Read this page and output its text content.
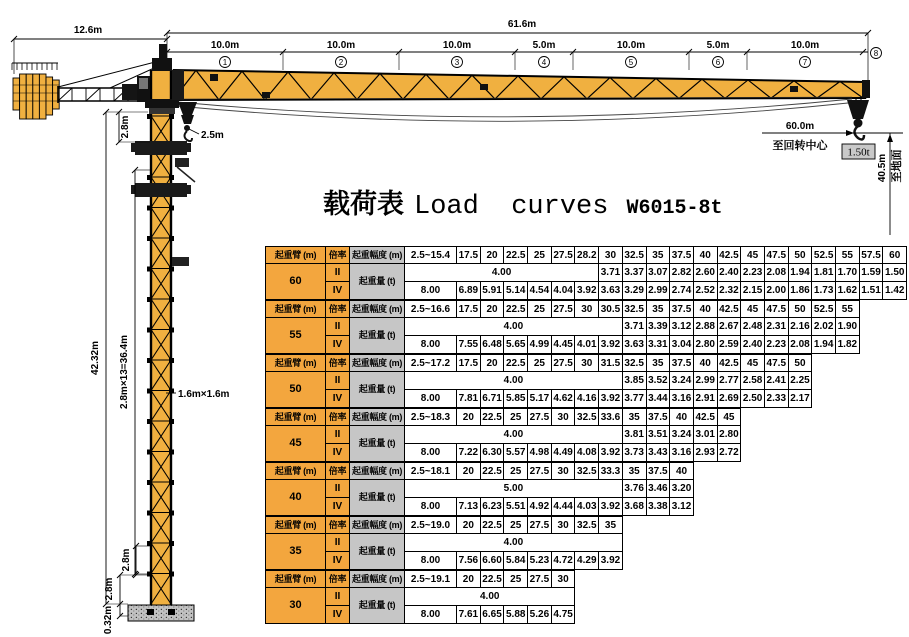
61.6m
12.6m
10.0m
1
10.0m
2
10.0m
3
5.0m
4
10.0m
5
5.0m
6
10.0m
7
8
2.5m
60.0m
至回转中心
1.50t
40.5m 至地面
42.32m 2.8m×13=36.4m
2.8m
2.8m
2.8m
0.32m
1.6m×1.6m
载荷表 Load  curves W6015-8t
起重臂 (m)	倍率	起重幅度 (m)	2.5~15.4	17.5	20	22.5	25	27.5	28.2	30	32.5	35	37.5	40	42.5	45	47.5	50	52.5	55	57.5	60
60	II	起重量 (t)	4.00							3.71	3.37	3.07	2.82	2.60	2.40	2.23	2.08	1.94	1.81	1.70	1.59	1.50
	IV		8.00	6.89	5.91	5.14	4.54	4.04	3.92	3.63	3.29	2.99	2.74	2.52	2.32	2.15	2.00	1.86	1.73	1.62	1.51	1.42
起重臂 (m)	倍率	起重幅度 (m)	2.5~16.6	17.5	20	22.5	25	27.5	30	30.5	32.5	35	37.5	40	42.5	45	47.5	50	52.5	55
55	II	起重量 (t)	4.00								3.71	3.39	3.12	2.88	2.67	2.48	2.31	2.16	2.02	1.90
	IV		8.00	7.55	6.48	5.65	4.99	4.45	4.01	3.92	3.63	3.31	3.04	2.80	2.59	2.40	2.23	2.08	1.94	1.82
起重臂 (m)	倍率	起重幅度 (m)	2.5~17.2	17.5	20	22.5	25	27.5	30	31.5	32.5	35	37.5	40	42.5	45	47.5	50
50	II	起重量 (t)	4.00								3.85	3.52	3.24	2.99	2.77	2.58	2.41	2.25
	IV		8.00	7.81	6.71	5.85	5.17	4.62	4.16	3.92	3.77	3.44	3.16	2.91	2.69	2.50	2.33	2.17
起重臂 (m)	倍率	起重幅度 (m)	2.5~18.3	20	22.5	25	27.5	30	32.5	33.6	35	37.5	40	42.5	45
45	II	起重量 (t)	4.00								3.81	3.51	3.24	3.01	2.80
	IV		8.00	7.22	6.30	5.57	4.98	4.49	4.08	3.92	3.73	3.43	3.16	2.93	2.72
起重臂 (m)	倍率	起重幅度 (m)	2.5~18.1	20	22.5	25	27.5	30	32.5	33.3	35	37.5	40
40	II	起重量 (t)	5.00								3.76	3.46	3.20
	IV		8.00	7.13	6.23	5.51	4.92	4.44	4.03	3.92	3.68	3.38	3.12
起重臂 (m)	倍率	起重幅度 (m)	2.5~19.0	20	22.5	25	27.5	30	32.5	35
35	II	起重量 (t)	4.00							
	IV		8.00	7.56	6.60	5.84	5.23	4.72	4.29	3.92
起重臂 (m)	倍率	起重幅度 (m)	2.5~19.1	20	22.5	25	27.5	30
30	II	起重量 (t)	4.00					
	IV		8.00	7.61	6.65	5.88	5.26	4.75
